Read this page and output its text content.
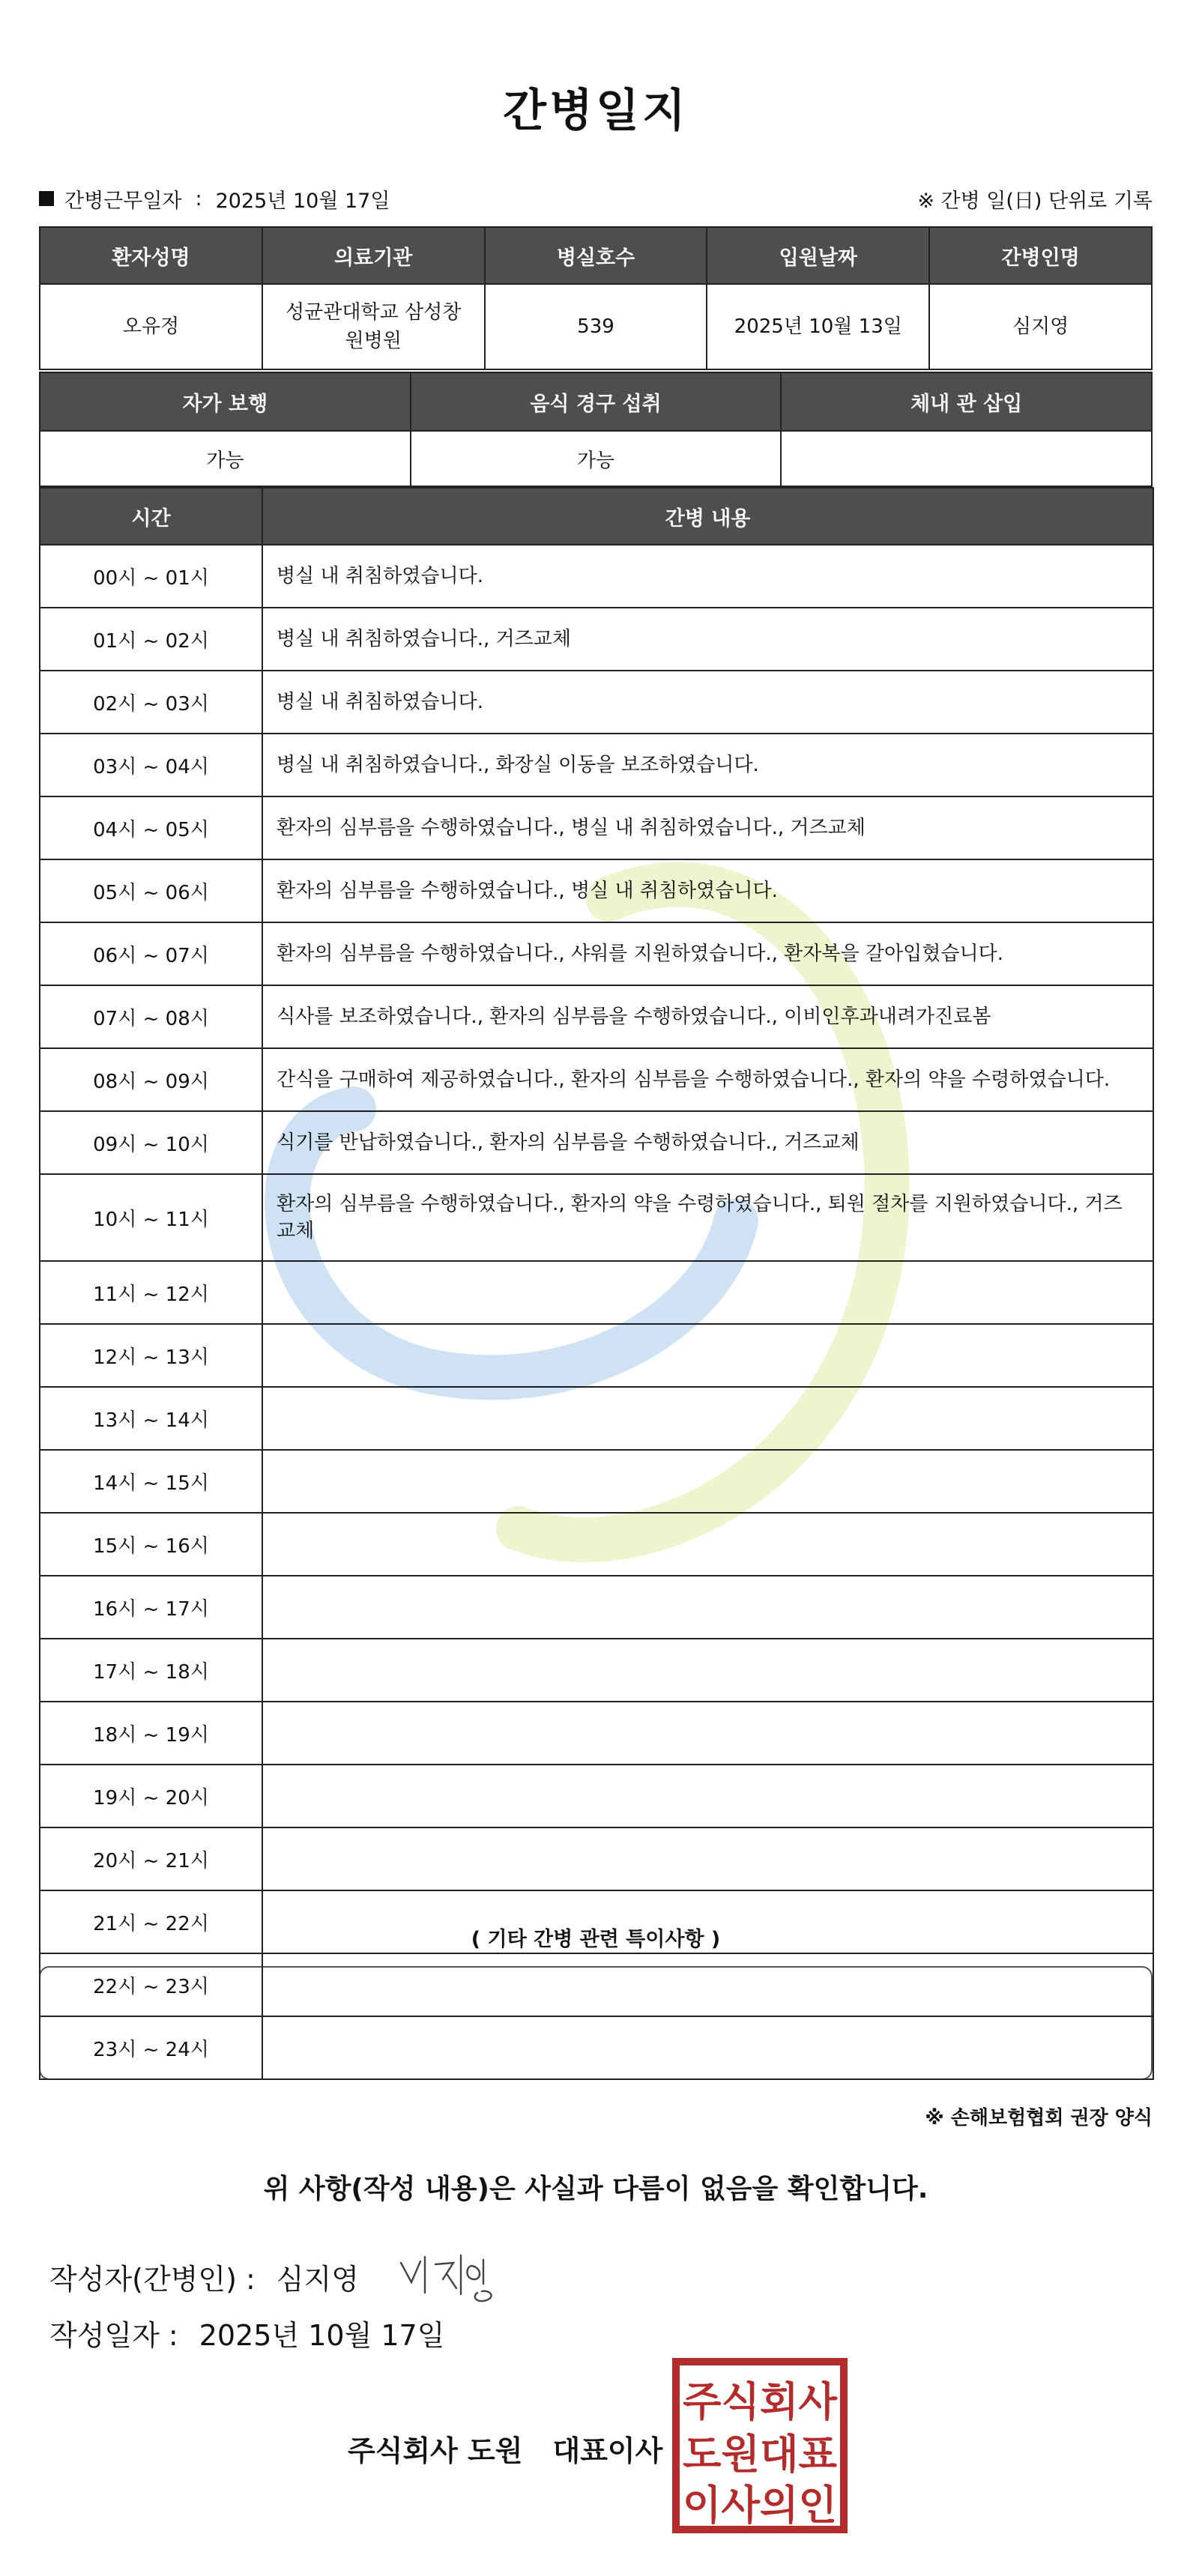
간병일지
간병근무일자 : 2025년 10월 17일	※ 간병 일(日) 단위로 기록
환자성명	의료기관	병실호수	입원날짜	간병인명
오유정	성균관대학교 삼성창원병원	539	2025년 10월 13일	심지영
자가 보행	음식 경구 섭취	체내 관 삽입
가능	가능	
시간	간병 내용
00시 ~ 01시	병실 내 취침하였습니다.
01시 ~ 02시	병실 내 취침하였습니다., 거즈교체
02시 ~ 03시	병실 내 취침하였습니다.
03시 ~ 04시	병실 내 취침하였습니다., 화장실 이동을 보조하였습니다.
04시 ~ 05시	환자의 심부름을 수행하였습니다., 병실 내 취침하였습니다., 거즈교체
05시 ~ 06시	환자의 심부름을 수행하였습니다., 병실 내 취침하였습니다.
06시 ~ 07시	환자의 심부름을 수행하였습니다., 샤워를 지원하였습니다., 환자복을 갈아입혔습니다.
07시 ~ 08시	식사를 보조하였습니다., 환자의 심부름을 수행하였습니다., 이비인후과내려가진료봄
08시 ~ 09시	간식을 구매하여 제공하였습니다., 환자의 심부름을 수행하였습니다., 환자의 약을 수령하였습니다.
09시 ~ 10시	식기를 반납하였습니다., 환자의 심부름을 수행하였습니다., 거즈교체
10시 ~ 11시	환자의 심부름을 수행하였습니다., 환자의 약을 수령하였습니다., 퇴원 절차를 지원하였습니다., 거즈교체
11시 ~ 12시	
12시 ~ 13시	
13시 ~ 14시	
14시 ~ 15시	
15시 ~ 16시	
16시 ~ 17시	
17시 ~ 18시	
18시 ~ 19시	
19시 ~ 20시	
20시 ~ 21시	
21시 ~ 22시	
22시 ~ 23시	
23시 ~ 24시	
( 기타 간병 관련 특이사항 )
※ 손해보험협회 권장 양식
위 사항(작성 내용)은 사실과 다름이 없음을 확인합니다.
작성자(간병인) : 심지영
작성일자 : 2025년 10월 17일
주식회사 도원 대표이사
주식회사
도원대표
이사의인
